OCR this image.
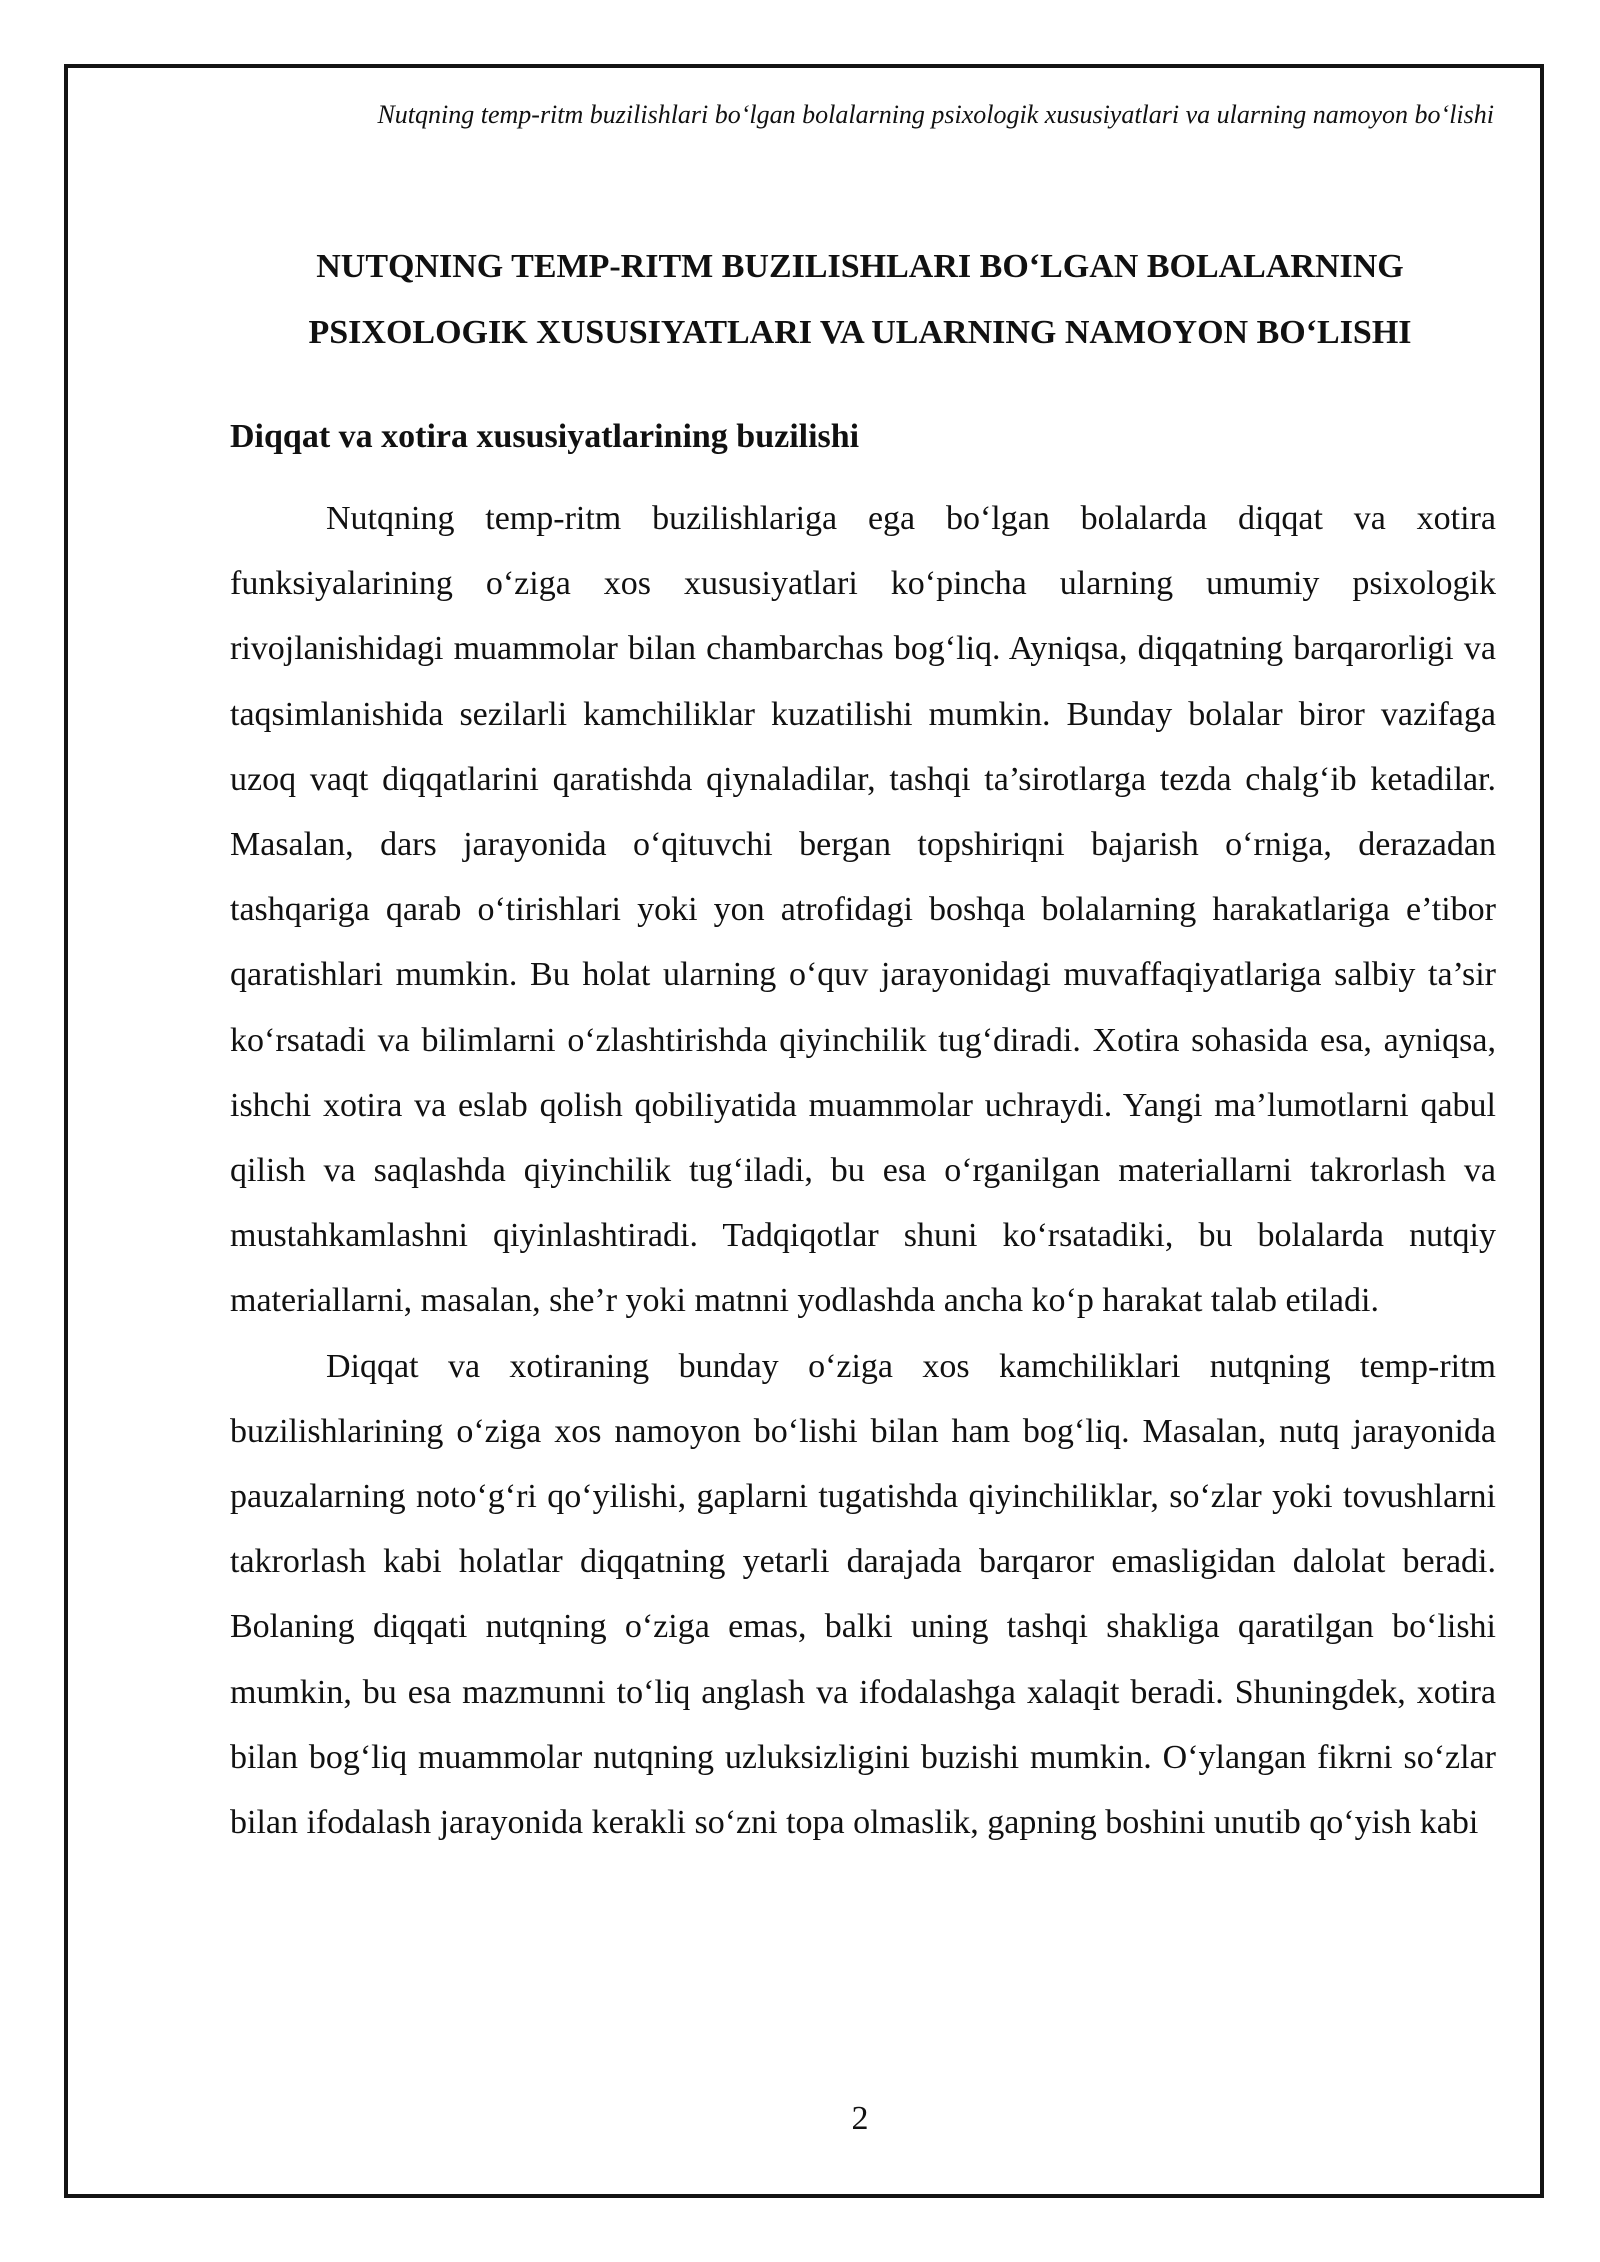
Nutqning temp-ritm buzilishlari bo‘lgan bolalarning psixologik xususiyatlari va ularning namoyon bo‘lishi
NUTQNING TEMP-RITM BUZILISHLARI BO‘LGAN BOLALARNING PSIXOLOGIK XUSUSIYATLARI VA ULARNING NAMOYON BO‘LISHI
Diqqat va xotira xususiyatlarining buzilishi

Nutqning temp-ritm buzilishlariga ega bo‘lgan bolalarda diqqat va xotira funksiyalarining o‘ziga xos xususiyatlari ko‘pincha ularning umumiy psixologik rivojlanishidagi muammolar bilan chambarchas bog‘liq. Ayniqsa, diqqatning barqarorligi va taqsimlanishida sezilarli kamchiliklar kuzatilishi mumkin. Bunday bolalar biror vazifaga uzoq vaqt diqqatlarini qaratishda qiynaladilar, tashqi ta’sirotlarga tezda chalg‘ib ketadilar. Masalan, dars jarayonida o‘qituvchi bergan topshiriqni bajarish o‘rniga, derazadan tashqariga qarab o‘tirishlari yoki yon atrofidagi boshqa bolalarning harakatlariga e’tibor qaratishlari mumkin. Bu holat ularning o‘quv jarayonidagi muvaffaqiyatlariga salbiy ta’sir ko‘rsatadi va bilimlarni o‘zlashtirishda qiyinchilik tug‘diradi. Xotira sohasida esa, ayniqsa, ishchi xotira va eslab qolish qobiliyatida muammolar uchraydi. Yangi ma’lumotlarni qabul qilish va saqlashda qiyinchilik tug‘iladi, bu esa o‘rganilgan materiallarni takrorlash va mustahkamlashni qiyinlashtiradi. Tadqiqotlar shuni ko‘rsatadiki, bu bolalarda nutqiy materiallarni, masalan, she’r yoki matnni yodlashda ancha ko‘p harakat talab etiladi.

Diqqat va xotiraning bunday o‘ziga xos kamchiliklari nutqning temp-ritm buzilishlarining o‘ziga xos namoyon bo‘lishi bilan ham bog‘liq. Masalan, nutq jarayonida pauzalarning noto‘g‘ri qo‘yilishi, gaplarni tugatishda qiyinchiliklar, so‘zlar yoki tovushlarni takrorlash kabi holatlar diqqatning yetarli darajada barqaror emasligidan dalolat beradi. Bolaning diqqati nutqning o‘ziga emas, balki uning tashqi shakliga qaratilgan bo‘lishi mumkin, bu esa mazmunni to‘liq anglash va ifodalashga xalaqit beradi. Shuningdek, xotira bilan bog‘liq muammolar nutqning uzluksizligini buzishi mumkin. O‘ylangan fikrni so‘zlar bilan ifodalash jarayonida kerakli so‘zni topa olmaslik, gapning boshini unutib qo‘yish kabi

2
